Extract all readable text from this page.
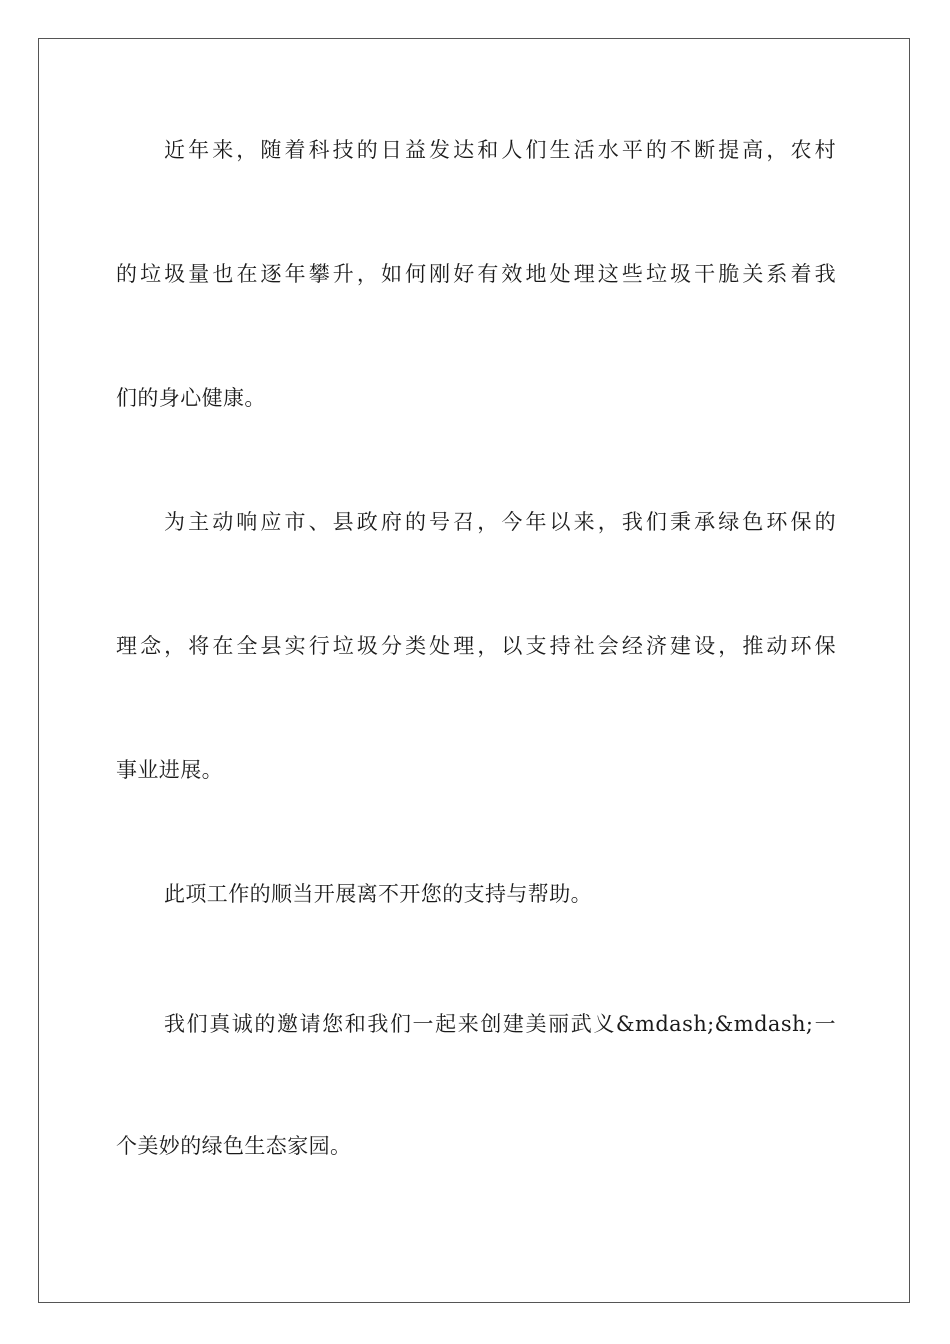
近年来，随着科技的日益发达和人们生活水平的不断提高，农村
的垃圾量也在逐年攀升，如何刚好有效地处理这些垃圾干脆关系着我
们的身心健康。
为主动响应市、县政府的号召，今年以来，我们秉承绿色环保的
理念，将在全县实行垃圾分类处理，以支持社会经济建设，推动环保
事业进展。
此项工作的顺当开展离不开您的支持与帮助。
我们真诚的邀请您和我们一起来创建美丽武义&mdash;&mdash;一
个美妙的绿色生态家园。
